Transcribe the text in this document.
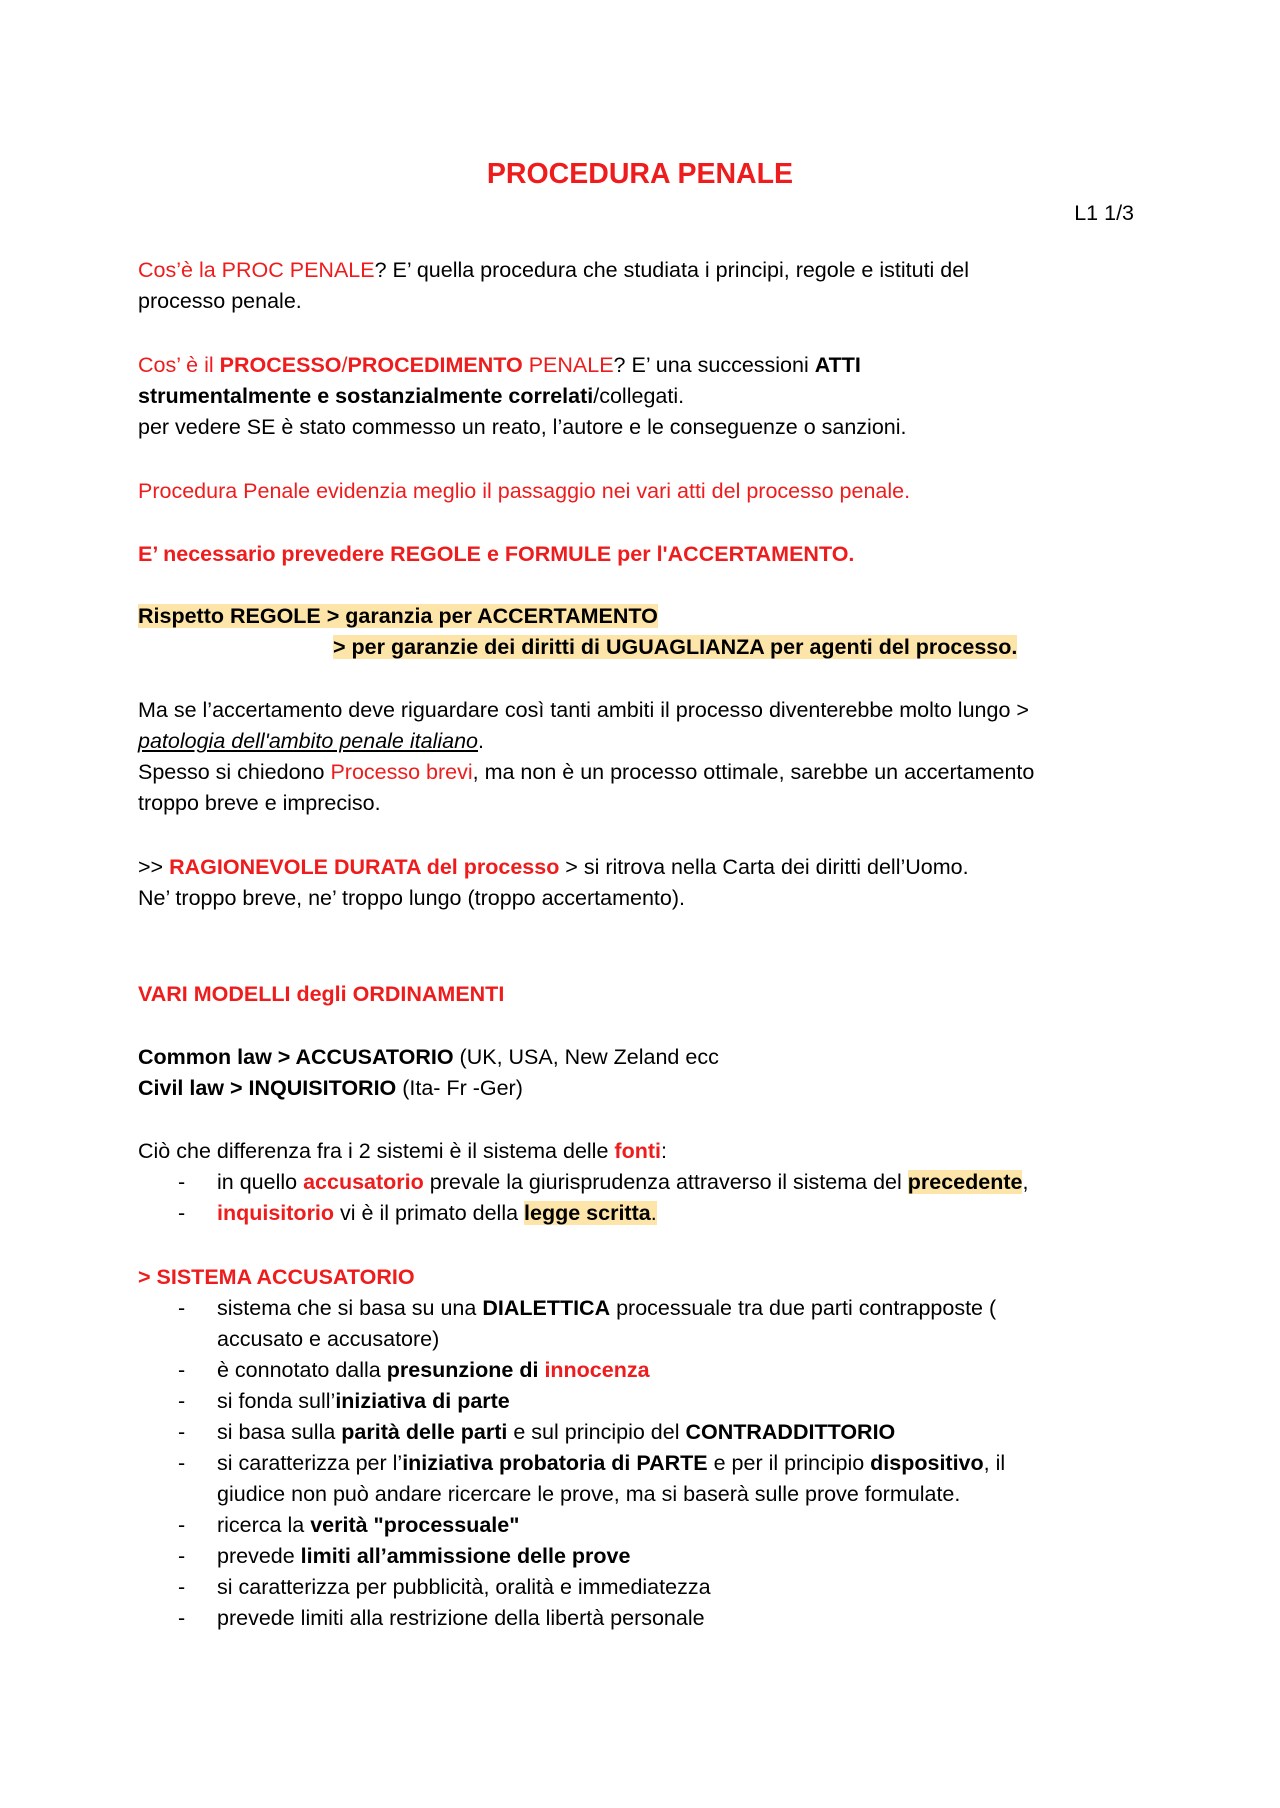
PROCEDURA PENALE
L1 1/3

Cos’è la PROC PENALE? E’ quella procedura che studiata i principi, regole e istituti del
processo penale.

Cos’ è il PROCESSO/PROCEDIMENTO PENALE? E’ una successioni ATTI
strumentalmente e sostanzialmente correlati/collegati.
per vedere SE è stato commesso un reato, l’autore e le conseguenze o sanzioni.

Procedura Penale evidenzia meglio il passaggio nei vari atti del processo penale.

E’ necessario prevedere REGOLE e FORMULE per l'ACCERTAMENTO.

Rispetto REGOLE > garanzia per ACCERTAMENTO
> per garanzie dei diritti di UGUAGLIANZA per agenti del processo.

Ma se l’accertamento deve riguardare così tanti ambiti il processo diventerebbe molto lungo >
patologia dell'ambito penale italiano.
Spesso si chiedono Processo brevi, ma non è un processo ottimale, sarebbe un accertamento
troppo breve e impreciso.

>> RAGIONEVOLE DURATA del processo > si ritrova nella Carta dei diritti dell’Uomo.
Ne’ troppo breve, ne’ troppo lungo (troppo accertamento).

VARI MODELLI degli ORDINAMENTI

Common law > ACCUSATORIO (UK, USA, New Zeland ecc
Civil law > INQUISITORIO (Ita- Fr -Ger)

Ciò che differenza fra i 2 sistemi è il sistema delle fonti:

- in quello accusatorio prevale la giurisprudenza attraverso il sistema del precedente,
- inquisitorio vi è il primato della legge scritta.

> SISTEMA ACCUSATORIO

- sistema che si basa su una DIALETTICA processuale tra due parti contrapposte (
accusato e accusatore)
- è connotato dalla presunzione di innocenza
- si fonda sull’iniziativa di parte
- si basa sulla parità delle parti e sul principio del CONTRADDITTORIO
- si caratterizza per l’iniziativa probatoria di PARTE e per il principio dispositivo, il
giudice non può andare ricercare le prove, ma si baserà sulle prove formulate.
- ricerca la verità "processuale"
- prevede limiti all’ammissione delle prove
- si caratterizza per pubblicità, oralità e immediatezza
- prevede limiti alla restrizione della libertà personale
